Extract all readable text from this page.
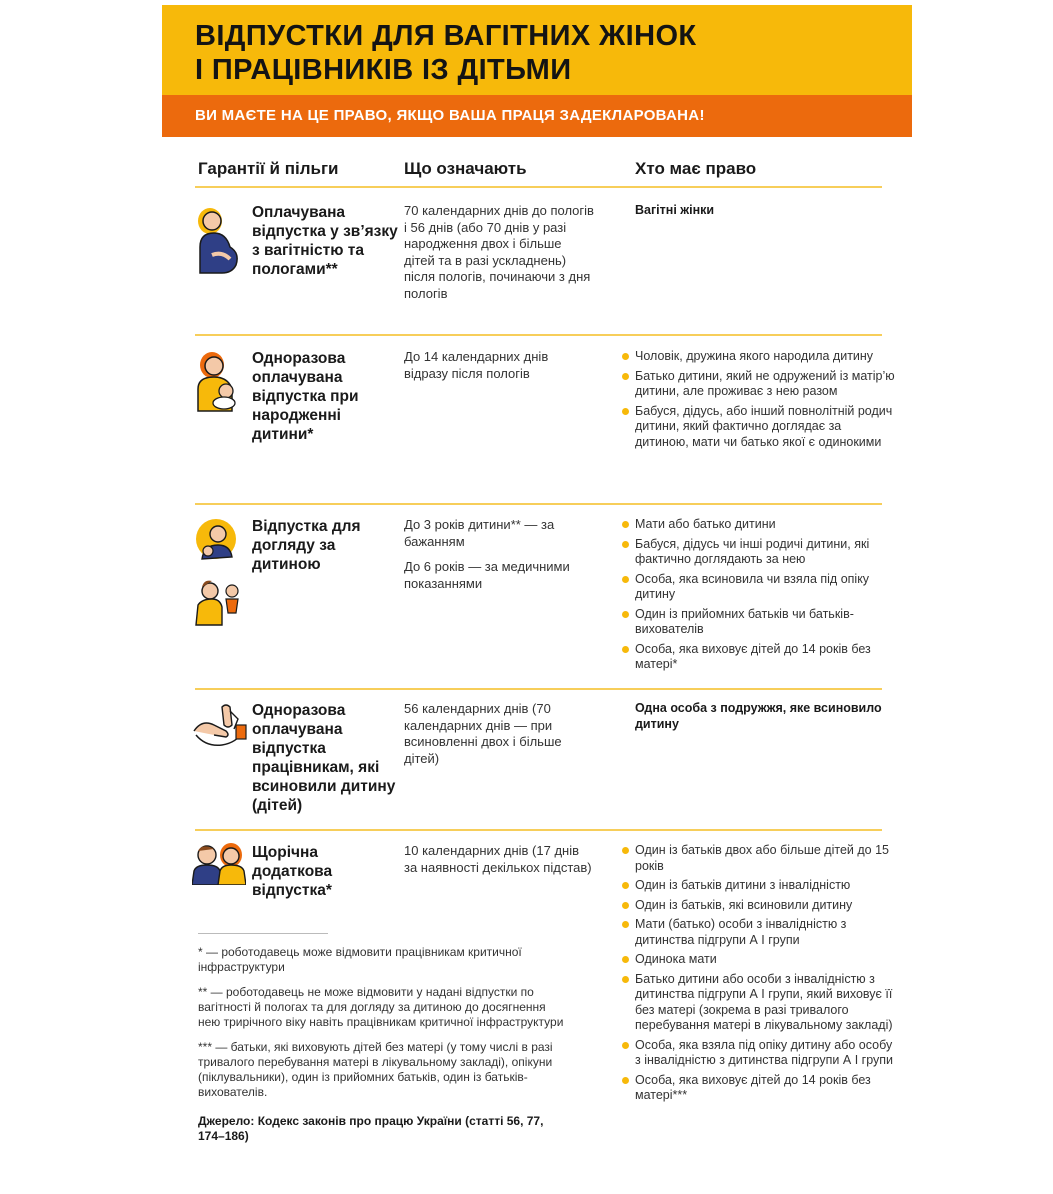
ВІДПУСТКИ ДЛЯ ВАГІТНИХ ЖІНОК
І ПРАЦІВНИКІВ ІЗ ДІТЬМИ
ВИ МАЄТЕ НА ЦЕ ПРАВО, ЯКЩО ВАША ПРАЦЯ ЗАДЕКЛАРОВАНА!
Гарантії й пільги	Що означають	Хто має право
Оплачувана відпустка у зв’язку з вагітністю та пологами**

70 календарних днів до пологів і 56 днів (або 70 днів у разі народження двох і більше дітей та в разі ускладнень) після пологів, починаючи з дня пологів

Вагітні жінки
Одноразова оплачувана відпустка при народженні дитини*

До 14 календарних днів відразу після пологів

Чоловік, дружина якого народила дитину
Батько дитини, який не одружений із матір’ю дитини, але проживає з нею разом
Бабуся, дідусь, або інший повнолітній родич дитини, який фактично доглядає за дитиною, мати чи батько якої є одинокими
Відпустка для догляду за дитиною

До 3 років дитини** — за бажанням

До 6 років — за медичними показаннями

Мати або батько дитини
Бабуся, дідусь чи інші родичі дитини, які фактично доглядають за нею
Особа, яка всиновила чи взяла під опіку дитину
Один із прийомних батьків чи батьків-вихователів
Особа, яка виховує дітей до 14 років без матері*
Одноразова оплачувана відпустка працівникам, які всиновили дитину (дітей)

56 календарних днів (70 календарних днів — при всиновленні двох і більше дітей)

Одна особа з подружжя, яке всиновило дитину
Щорічна додаткова відпустка*

10 календарних днів (17 днів за наявності декількох підстав)

Один із батьків двох або більше дітей до 15 років
Один із батьків дитини з інвалідністю
Один із батьків, які всиновили дитину
Мати (батько) особи з інвалідністю з дитинства підгрупи А I групи
Одинока мати
Батько дитини або особи з інвалідністю з дитинства підгрупи А I групи, який виховує її без матері (зокрема в разі тривалого перебування матері в лікувальному закладі)
Особа, яка взяла під опіку дитину або особу з інвалідністю з дитинства підгрупи А I групи
Особа, яка виховує дітей до 14 років без матері***

* — роботодавець може відмовити працівникам критичної інфраструктури

** — роботодавець не може відмовити у надані відпустки по вагітності й пологах та для догляду за дитиною до досягнення нею трирічного віку навіть працівникам критичної інфраструктури

*** — батьки, які виховують дітей без матері (у тому числі в разі тривалого перебування матері в лікувальному закладі), опікуни (піклувальники), один із прийомних батьків, один із батьків-вихователів.

Джерело: Кодекс законів про працю України (статті 56, 77, 174–186)
